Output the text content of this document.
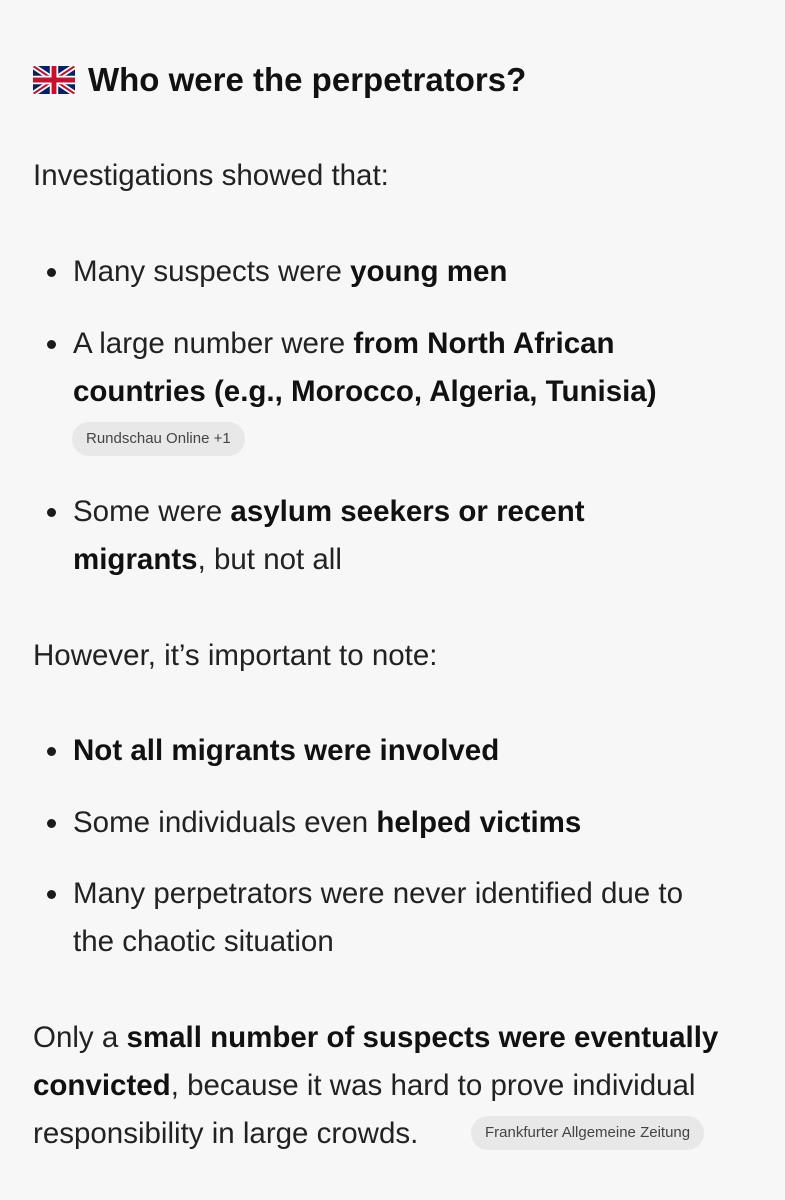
Who were the perpetrators?
Investigations showed that:
Many suspects were young men
A large number were from North African
countries (e.g., Morocco, Algeria, Tunisia)
Rundschau Online +1
Some were asylum seekers or recent
migrants, but not all
However, it’s important to note:
Not all migrants were involved
Some individuals even helped victims
Many perpetrators were never identified due to
the chaotic situation
Only a small number of suspects were eventually
convicted, because it was hard to prove individual
responsibility in large crowds.	Frankfurter Allgemeine Zeitung
